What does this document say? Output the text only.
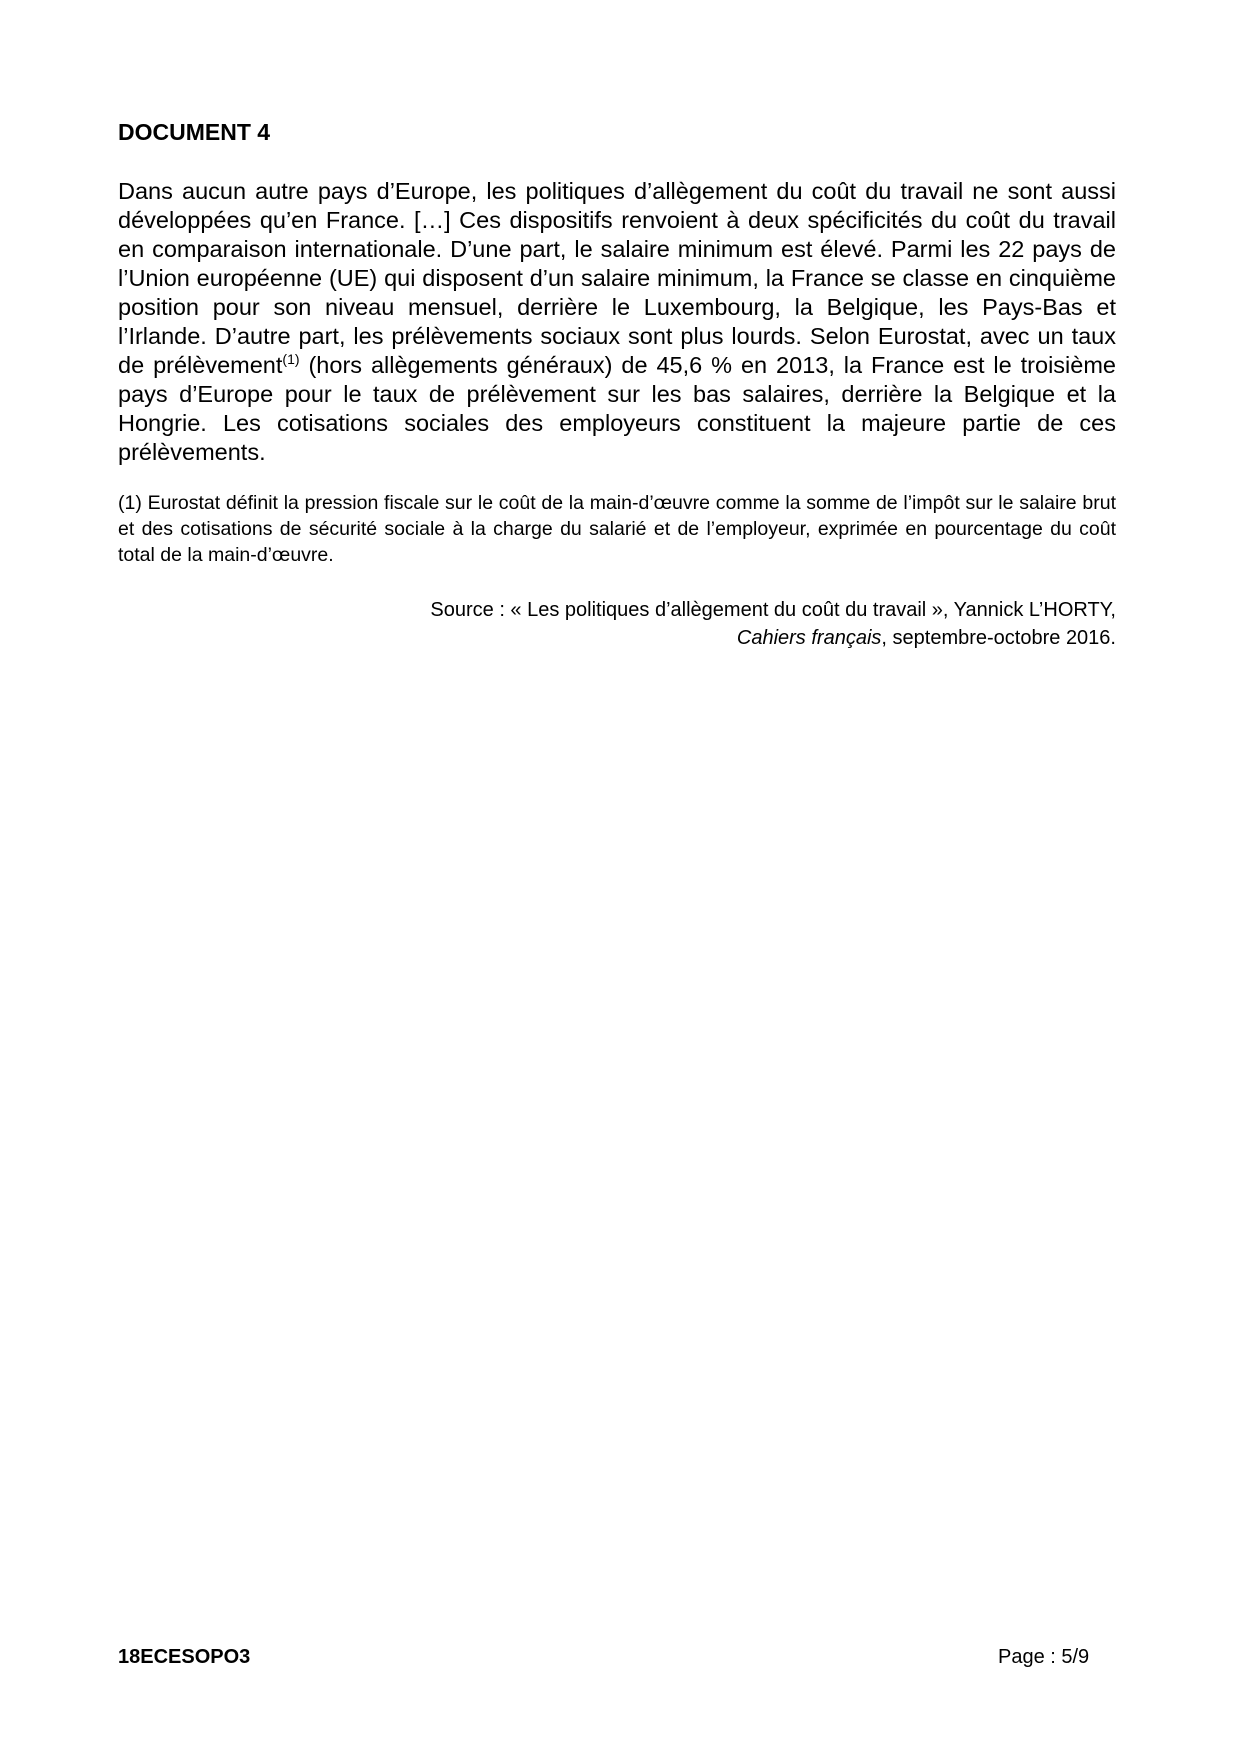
DOCUMENT 4

Dans aucun autre pays d’Europe, les politiques d’allègement du coût du travail ne sont aussi développées qu’en France. […] Ces dispositifs renvoient à deux spécificités du coût du travail en comparaison internationale. D’une part, le salaire minimum est élevé. Parmi les 22 pays de l’Union européenne (UE) qui disposent d’un salaire minimum, la France se classe en cinquième position pour son niveau mensuel, derrière le Luxembourg, la Belgique, les Pays-Bas et l’Irlande. D’autre part, les prélèvements sociaux sont plus lourds. Selon Eurostat, avec un taux de prélèvement$^{(1)}$ (hors allègements généraux) de 45,6 % en 2013, la France est le troisième pays d’Europe pour le taux de prélèvement sur les bas salaires, derrière la Belgique et la Hongrie. Les cotisations sociales des employeurs constituent la majeure partie de ces prélèvements.

(1) Eurostat définit la pression fiscale sur le coût de la main-d’œuvre comme la somme de l’impôt sur le salaire brut et des cotisations de sécurité sociale à la charge du salarié et de l’employeur, exprimée en pourcentage du coût total de la main-d’œuvre.

Source : « Les politiques d’allègement du coût du travail », Yannick L’HORTY,
Cahiers français, septembre-octobre 2016.
18ECESOPO3	Page : 5/9
